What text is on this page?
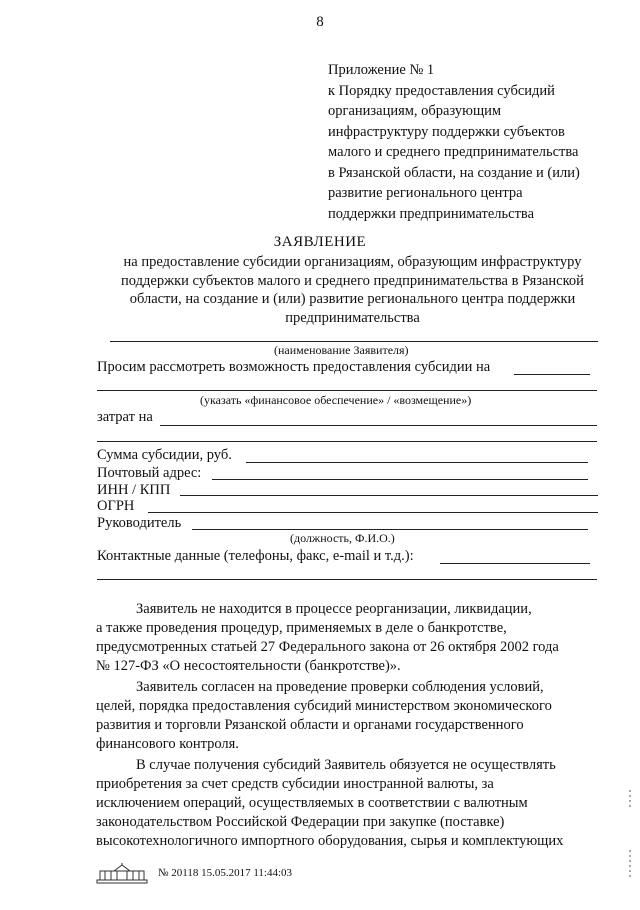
8
Приложение № 1
к Порядку предоставления субсидий
организациям, образующим
инфраструктуру поддержки субъектов
малого и среднего предпринимательства
в Рязанской области, на создание и (или)
развитие регионального центра
поддержки предпринимательства
ЗАЯВЛЕНИЕ
на предоставление субсидии организациям, образующим инфраструктуру
поддержки субъектов малого и среднего предпринимательства в Рязанской
области, на создание и (или) развитие регионального центра поддержки
предпринимательства
(наименование Заявителя)
Просим рассмотреть возможность предоставления субсидии на
(указать «финансовое обеспечение» / «возмещение»)
затрат на
Сумма субсидии, руб.
Почтовый адрес:
ИНН / КПП
ОГРН
Руководитель
(должность, Ф.И.О.)
Контактные данные (телефоны, факс, e-mail и т.д.):
Заявитель не находится в процессе реорганизации, ликвидации,
а также проведения процедур, применяемых в деле о банкротстве,
предусмотренных статьей 27 Федерального закона от 26 октября 2002 года
№ 127-ФЗ «О несостоятельности (банкротстве)».
Заявитель согласен на проведение проверки соблюдения условий,
целей, порядка предоставления субсидий министерством экономического
развития и торговли Рязанской области и органами государственного
финансового контроля.
В случае получения субсидий Заявитель обязуется не осуществлять
приобретения за счет средств субсидии иностранной валюты, за
исключением операций, осуществляемых в соответствии с валютным
законодательством Российской Федерации при закупке (поставке)
высокотехнологичного импортного оборудования, сырья и комплектующих
№ 20118 15.05.2017 11:44:03
